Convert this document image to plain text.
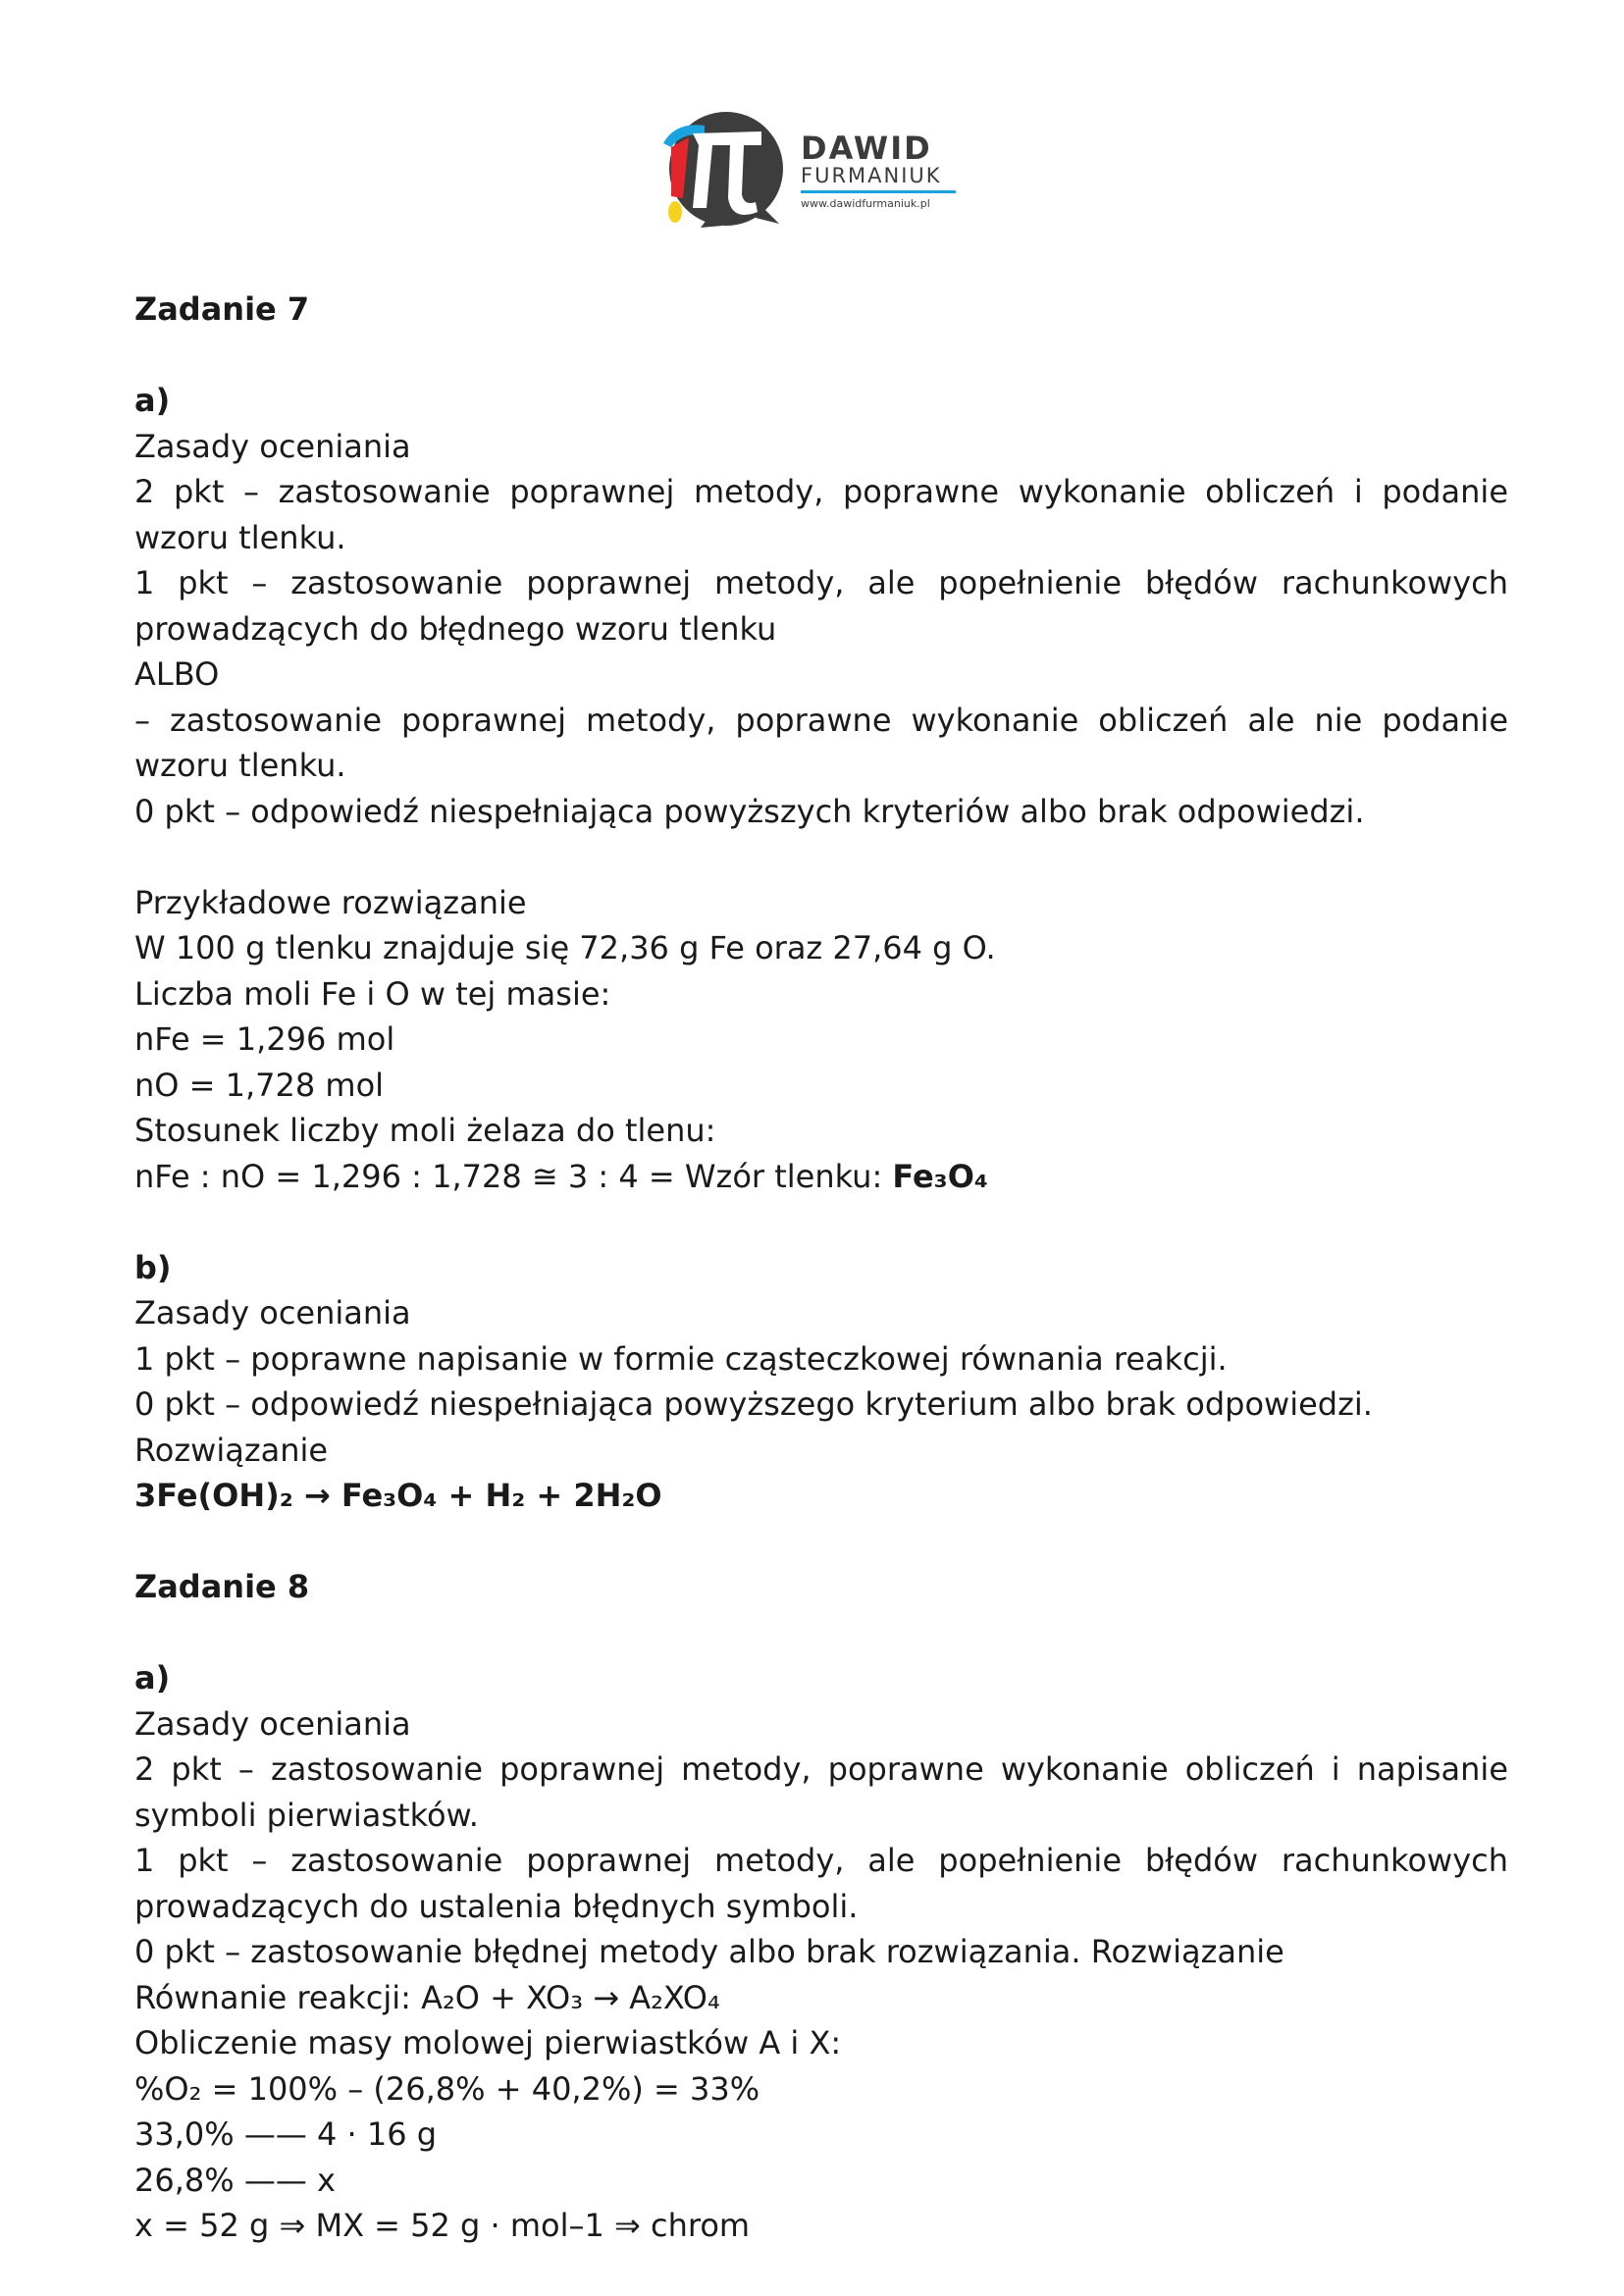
DAWID
FURMANIUK
www.dawidfurmaniuk.pl
Zadanie 7
a)
Zasady oceniania
2 pkt – zastosowanie poprawnej metody, poprawne wykonanie obliczeń i podanie wzoru tlenku.
1 pkt – zastosowanie poprawnej metody, ale popełnienie błędów rachunkowych prowadzących do błędnego wzoru tlenku
ALBO
– zastosowanie poprawnej metody, poprawne wykonanie obliczeń ale nie podanie wzoru tlenku.
0 pkt – odpowiedź niespełniająca powyższych kryteriów albo brak odpowiedzi.
Przykładowe rozwiązanie
W 100 g tlenku znajduje się 72,36 g Fe oraz 27,64 g O.
Liczba moli Fe i O w tej masie:
nFe = 1,296 mol
nO = 1,728 mol
Stosunek liczby moli żelaza do tlenu:
nFe : nO = 1,296 : 1,728 ≅ 3 : 4 = Wzór tlenku: Fe₃O₄
b)
Zasady oceniania
1 pkt – poprawne napisanie w formie cząsteczkowej równania reakcji.
0 pkt – odpowiedź niespełniająca powyższego kryterium albo brak odpowiedzi.
Rozwiązanie
3Fe(OH)₂ → Fe₃O₄ + H₂ + 2H₂O
Zadanie 8
a)
Zasady oceniania
2 pkt – zastosowanie poprawnej metody, poprawne wykonanie obliczeń i napisanie symboli pierwiastków.
1 pkt – zastosowanie poprawnej metody, ale popełnienie błędów rachunkowych prowadzących do ustalenia błędnych symboli.
0 pkt – zastosowanie błędnej metody albo brak rozwiązania. Rozwiązanie
Równanie reakcji: A₂O + XO₃ → A₂XO₄
Obliczenie masy molowej pierwiastków A i X:
%O₂ = 100% – (26,8% + 40,2%) = 33%
33,0% —— 4 · 16 g
26,8% —— x
x = 52 g ⇒ MX = 52 g · mol–1 ⇒ chrom
